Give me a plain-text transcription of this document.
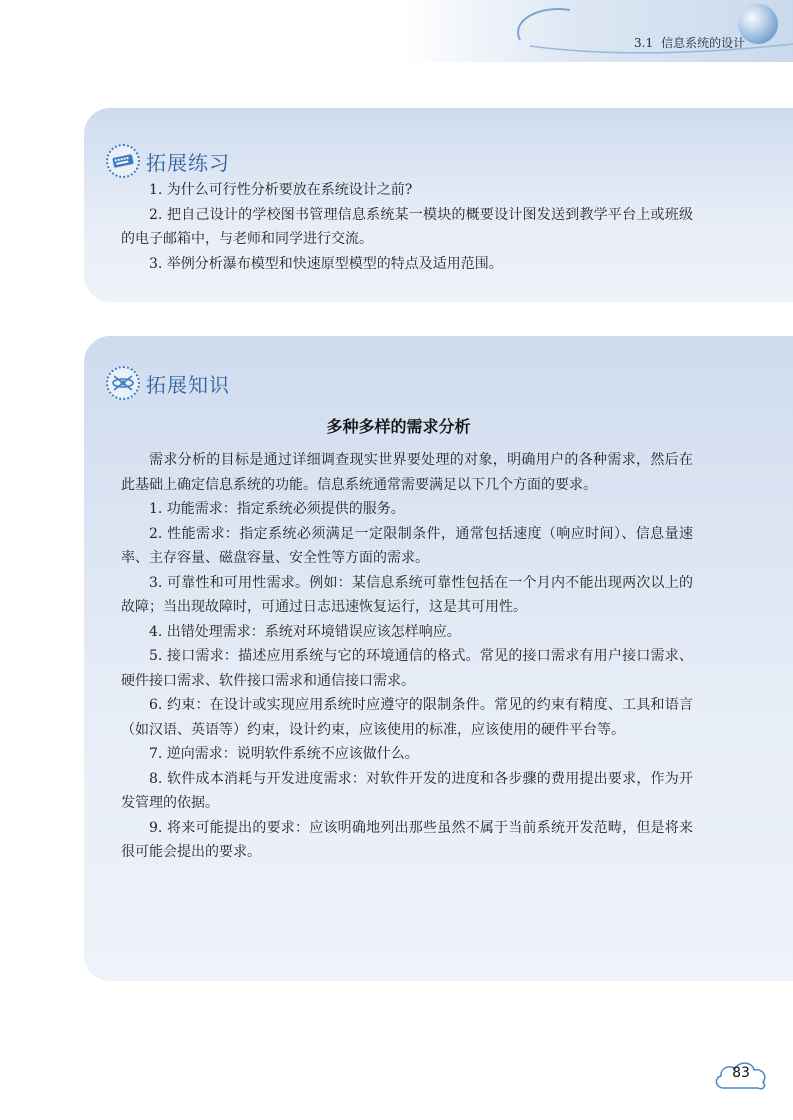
3.1 信息系统的设计
拓展练习

1. 为什么可行性分析要放在系统设计之前?

2. 把自己设计的学校图书管理信息系统某一模块的概要设计图发送到教学平台上或班级的电子邮箱中，与老师和同学进行交流。

3. 举例分析瀑布模型和快速原型模型的特点及适用范围。

拓展知识
多种多样的需求分析

需求分析的目标是通过详细调查现实世界要处理的对象，明确用户的各种需求，然后在此基础上确定信息系统的功能。信息系统通常需要满足以下几个方面的要求。

1. 功能需求：指定系统必须提供的服务。

2. 性能需求：指定系统必须满足一定限制条件，通常包括速度（响应时间）、信息量速率、主存容量、磁盘容量、安全性等方面的需求。

3. 可靠性和可用性需求。例如：某信息系统可靠性包括在一个月内不能出现两次以上的故障；当出现故障时，可通过日志迅速恢复运行，这是其可用性。

4. 出错处理需求：系统对环境错误应该怎样响应。

5. 接口需求：描述应用系统与它的环境通信的格式。常见的接口需求有用户接口需求、硬件接口需求、软件接口需求和通信接口需求。

6. 约束：在设计或实现应用系统时应遵守的限制条件。常见的约束有精度、工具和语言（如汉语、英语等）约束，设计约束，应该使用的标准，应该使用的硬件平台等。

7. 逆向需求：说明软件系统不应该做什么。

8. 软件成本消耗与开发进度需求：对软件开发的进度和各步骤的费用提出要求，作为开发管理的依据。

9. 将来可能提出的要求：应该明确地列出那些虽然不属于当前系统开发范畴，但是将来很可能会提出的要求。

83
